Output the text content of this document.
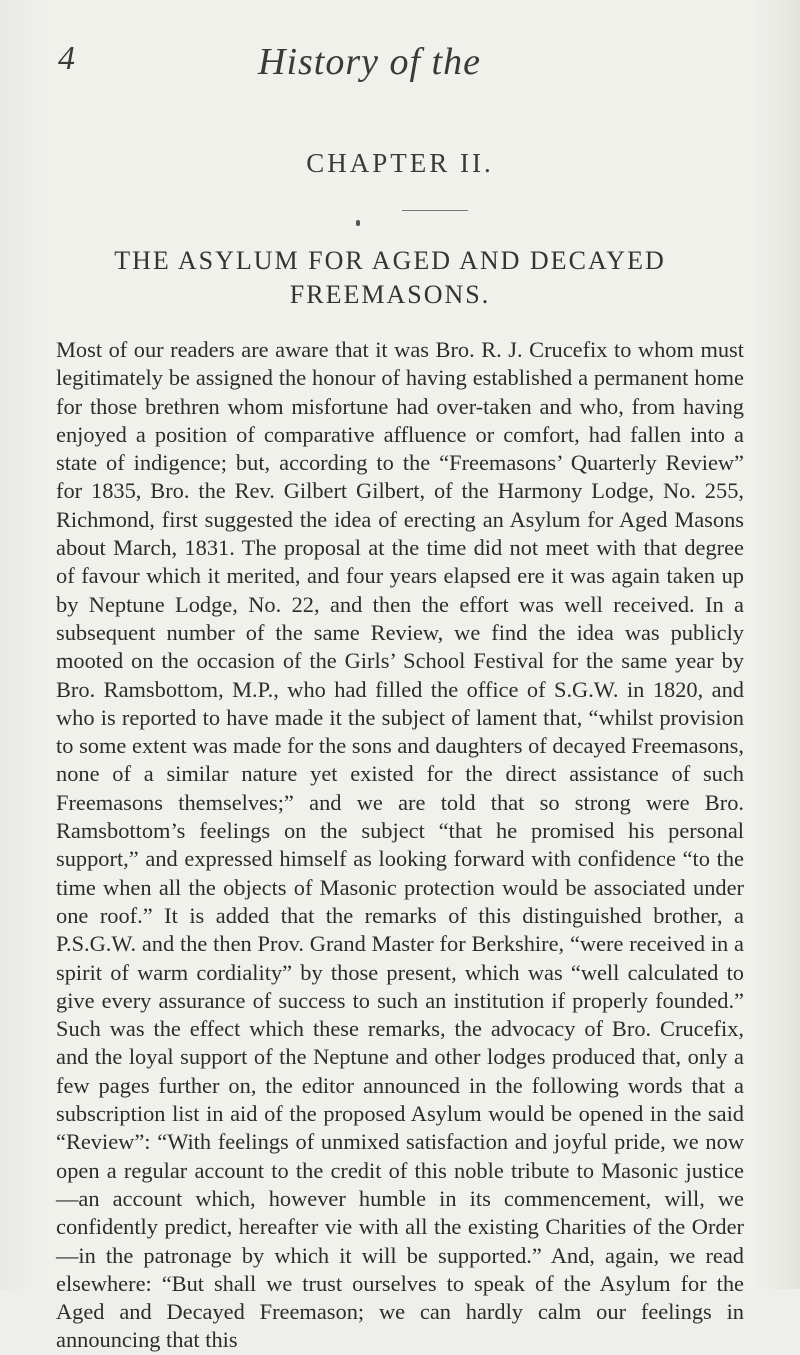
4	History of the
CHAPTER II.
THE ASYLUM FOR AGED AND DECAYED
FREEMASONS.

Most of our readers are aware that it was Bro. R. J. Crucefix to whom must legitimately be assigned the honour of having established a permanent home for those brethren whom misfortune had over-taken and who, from having enjoyed a position of comparative affluence or comfort, had fallen into a state of indigence; but, according to the “Freemasons’ Quarterly Review” for 1835, Bro. the Rev. Gilbert Gilbert, of the Harmony Lodge, No. 255, Richmond, first suggested the idea of erecting an Asylum for Aged Masons about March, 1831. The proposal at the time did not meet with that degree of favour which it merited, and four years elapsed ere it was again taken up by Neptune Lodge, No. 22, and then the effort was well received. In a subsequent number of the same Review, we find the idea was publicly mooted on the occasion of the Girls’ School Festival for the same year by Bro. Ramsbottom, M.P., who had filled the office of S.G.W. in 1820, and who is reported to have made it the subject of lament that, “whilst provision to some extent was made for the sons and daughters of decayed Freemasons, none of a similar nature yet existed for the direct assistance of such Freemasons themselves;” and we are told that so strong were Bro. Ramsbottom’s feelings on the subject “that he promised his personal support,” and expressed himself as looking forward with confidence “to the time when all the objects of Masonic protection would be associated under one roof.” It is added that the remarks of this distinguished brother, a P.S.G.W. and the then Prov. Grand Master for Berkshire, “were received in a spirit of warm cordiality” by those present, which was “well calculated to give every assurance of success to such an institution if properly founded.” Such was the effect which these remarks, the advocacy of Bro. Crucefix, and the loyal support of the Neptune and other lodges produced that, only a few pages further on, the editor announced in the following words that a subscription list in aid of the proposed Asylum would be opened in the said “Review”: “With feelings of unmixed satisfaction and joyful pride, we now open a regular account to the credit of this noble tribute to Masonic justice—an account which, however humble in its commencement, will, we confidently predict, hereafter vie with all the existing Charities of the Order—in the patronage by which it will be supported.” And, again, we read elsewhere: “But shall we trust ourselves to speak of the Asylum for the Aged and Decayed Freemason; we can hardly calm our feelings in announcing that this
